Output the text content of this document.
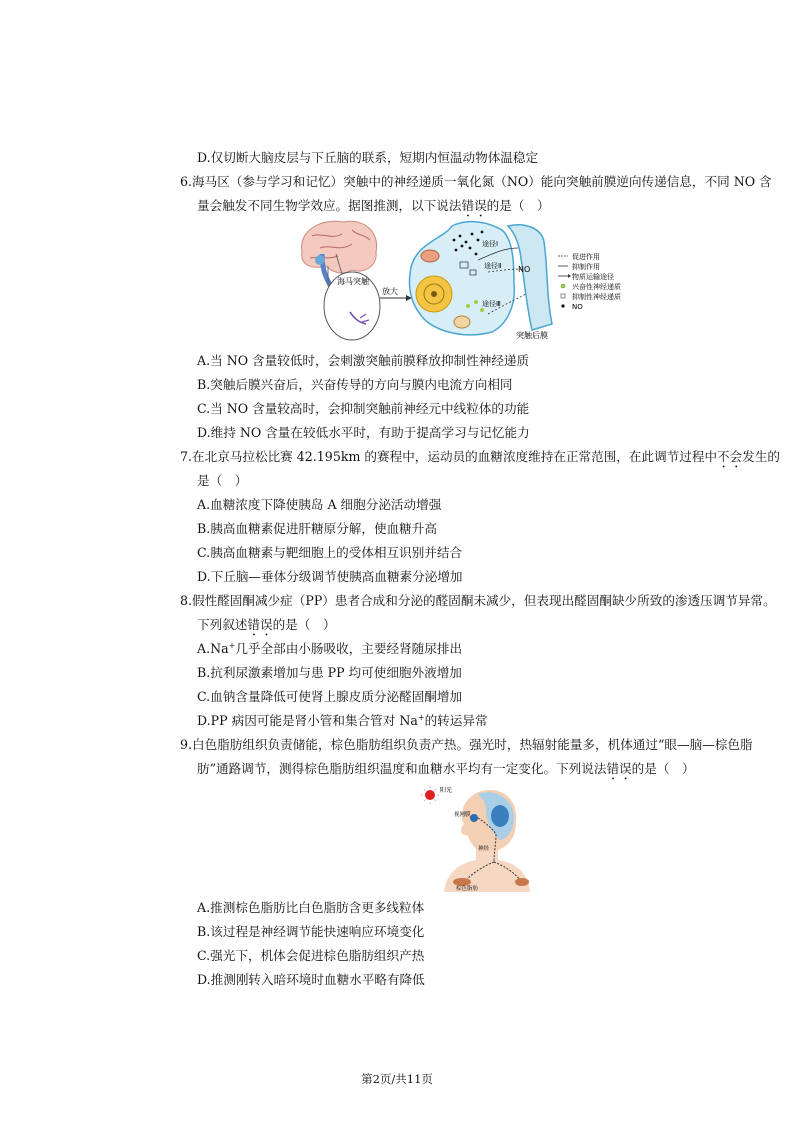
D.仅切断大脑皮层与下丘脑的联系，短期内恒温动物体温稳定
6.海马区（参与学习和记忆）突触中的神经递质一氧化氮（NO）能向突触前膜逆向传递信息，不同 NO 含
量会触发不同生物学效应。据图推测，以下说法错误的是（　）
海马突触
放大
途径Ⅰ
途径Ⅱ
途径Ⅲ
NO
突触后膜
促进作用
抑制作用
物质运输途径
兴奋性神经递质
抑制性神经递质
NO
A.当 NO 含量较低时，会刺激突触前膜释放抑制性神经递质
B.突触后膜兴奋后，兴奋传导的方向与膜内电流方向相同
C.当 NO 含量较高时，会抑制突触前神经元中线粒体的功能
D.维持 NO 含量在较低水平时，有助于提高学习与记忆能力
7.在北京马拉松比赛 42.195km 的赛程中，运动员的血糖浓度维持在正常范围，在此调节过程中不会发生的
是（　）
A.血糖浓度下降使胰岛 A 细胞分泌活动增强
B.胰高血糖素促进肝糖原分解，使血糖升高
C.胰高血糖素与靶细胞上的受体相互识别并结合
D.下丘脑—垂体分级调节使胰高血糖素分泌增加
8.假性醛固酮减少症（PP）患者合成和分泌的醛固酮未减少，但表现出醛固酮缺少所致的渗透压调节异常。
下列叙述错误的是（　）
A.Na+几乎全部由小肠吸收，主要经肾随尿排出
B.抗利尿激素增加与患 PP 均可使细胞外液增加
C.血钠含量降低可使肾上腺皮质分泌醛固酮增加
D.PP 病因可能是肾小管和集合管对 Na+的转运异常
9.白色脂肪组织负责储能，棕色脂肪组织负责产热。强光时，热辐射能量多，机体通过“眼—脑—棕色脂
肪”通路调节，测得棕色脂肪组织温度和血糖水平均有一定变化。下列说法错误的是（　）
阳光
视网膜
神经
棕色脂肪
A.推测棕色脂肪比白色脂肪含更多线粒体
B.该过程是神经调节能快速响应环境变化
C.强光下，机体会促进棕色脂肪组织产热
D.推测刚转入暗环境时血糖水平略有降低
第2页/共11页
